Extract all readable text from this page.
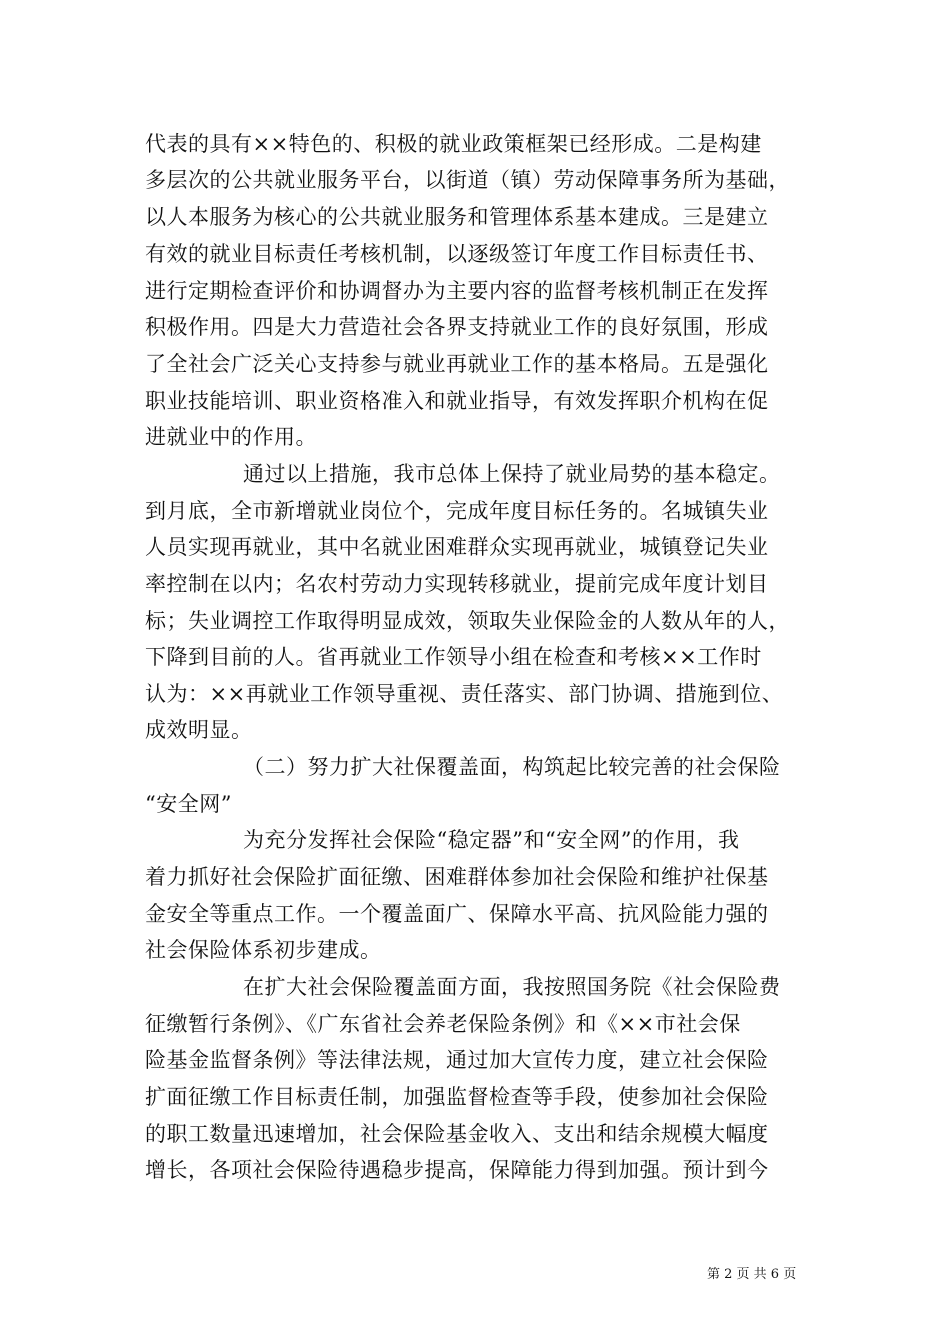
代表的具有××特色的、积极的就业政策框架已经形成。二是构建
多层次的公共就业服务平台，以街道（镇）劳动保障事务所为基础，
以人本服务为核心的公共就业服务和管理体系基本建成。三是建立
有效的就业目标责任考核机制，以逐级签订年度工作目标责任书、
进行定期检查评价和协调督办为主要内容的监督考核机制正在发挥
积极作用。四是大力营造社会各界支持就业工作的良好氛围，形成
了全社会广泛关心支持参与就业再就业工作的基本格局。五是强化
职业技能培训、职业资格准入和就业指导，有效发挥职介机构在促
进就业中的作用。
通过以上措施，我市总体上保持了就业局势的基本稳定。
到月底，全市新增就业岗位个，完成年度目标任务的。名城镇失业
人员实现再就业，其中名就业困难群众实现再就业，城镇登记失业
率控制在以内；名农村劳动力实现转移就业，提前完成年度计划目
标；失业调控工作取得明显成效，领取失业保险金的人数从年的人，
下降到目前的人。省再就业工作领导小组在检查和考核××工作时
认为：××再就业工作领导重视、责任落实、部门协调、措施到位、
成效明显。
（二）努力扩大社保覆盖面，构筑起比较完善的社会保险
“安全网”
为充分发挥社会保险“稳定器”和“安全网”的作用，我
着力抓好社会保险扩面征缴、困难群体参加社会保险和维护社保基
金安全等重点工作。一个覆盖面广、保障水平高、抗风险能力强的
社会保险体系初步建成。
在扩大社会保险覆盖面方面，我按照国务院《社会保险费
征缴暂行条例》、《广东省社会养老保险条例》和《××市社会保
险基金监督条例》等法律法规，通过加大宣传力度，建立社会保险
扩面征缴工作目标责任制，加强监督检查等手段，使参加社会保险
的职工数量迅速增加，社会保险基金收入、支出和结余规模大幅度
增长，各项社会保险待遇稳步提高，保障能力得到加强。预计到今
第 2 页 共 6 页
